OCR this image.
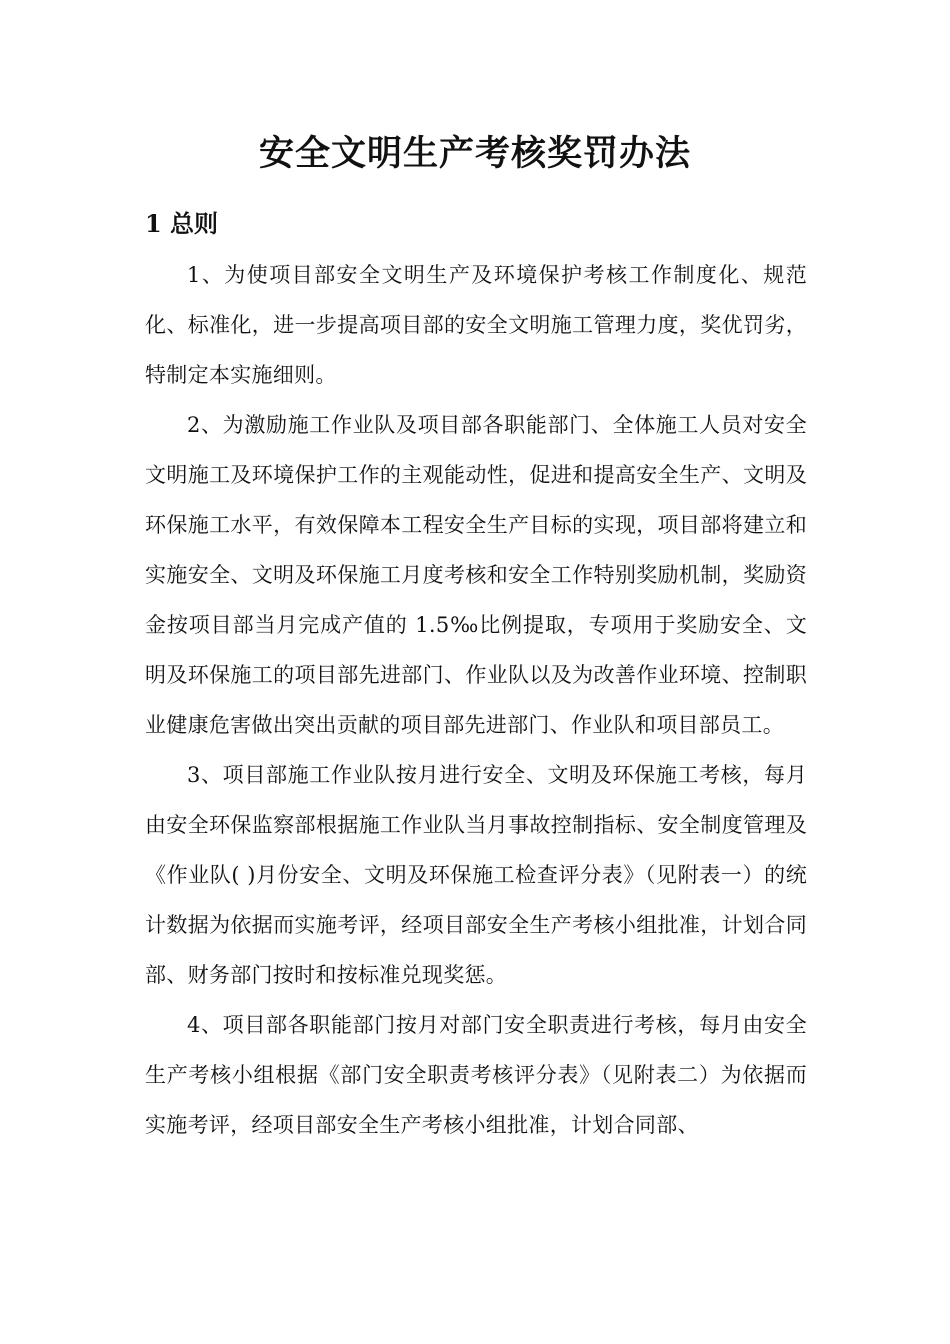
安全文明生产考核奖罚办法
1 总则

1、为使项目部安全文明生产及环境保护考核工作制度化、规范化、标准化，进一步提高项目部的安全文明施工管理力度，奖优罚劣，特制定本实施细则。

2、为激励施工作业队及项目部各职能部门、全体施工人员对安全文明施工及环境保护工作的主观能动性，促进和提高安全生产、文明及环保施工水平，有效保障本工程安全生产目标的实现，项目部将建立和实施安全、文明及环保施工月度考核和安全工作特别奖励机制，奖励资金按项目部当月完成产值的 1.5‰比例提取，专项用于奖励安全、文明及环保施工的项目部先进部门、作业队以及为改善作业环境、控制职业健康危害做出突出贡献的项目部先进部门、作业队和项目部员工。

3、项目部施工作业队按月进行安全、文明及环保施工考核，每月由安全环保监察部根据施工作业队当月事故控制指标、安全制度管理及《作业队( )月份安全、文明及环保施工检查评分表》（见附表一）的统计数据为依据而实施考评，经项目部安全生产考核小组批准，计划合同部、财务部门按时和按标准兑现奖惩。

4、项目部各职能部门按月对部门安全职责进行考核，每月由安全生产考核小组根据《部门安全职责考核评分表》（见附表二）为依据而实施考评，经项目部安全生产考核小组批准，计划合同部、
